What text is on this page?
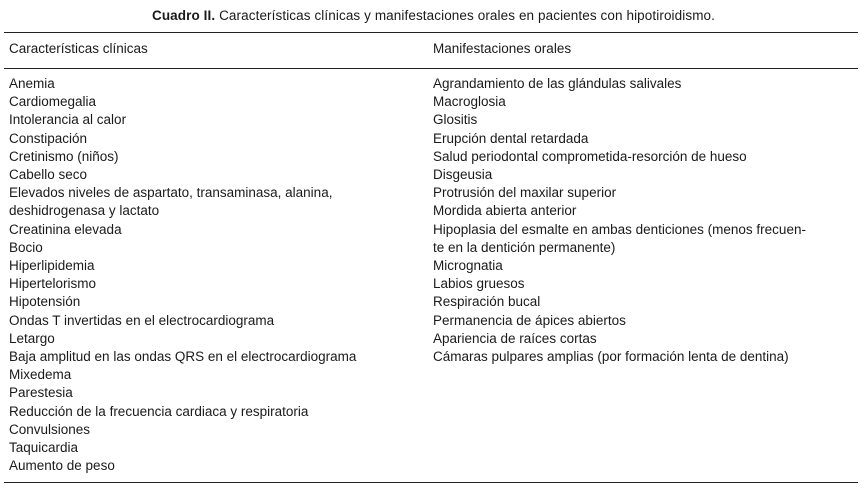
Cuadro II. Características clínicas y manifestaciones orales en pacientes con hipotiroidismo.
Características clínicas	Manifestaciones orales
Anemia
Cardiomegalia
Intolerancia al calor
Constipación
Cretinismo (niños)
Cabello seco
Elevados niveles de aspartato, transaminasa, alanina,
deshidrogenasa y lactato
Creatinina elevada
Bocio
Hiperlipidemia
Hipertelorismo
Hipotensión
Ondas T invertidas en el electrocardiograma
Letargo
Baja amplitud en las ondas QRS en el electrocardiograma
Mixedema
Parestesia
Reducción de la frecuencia cardiaca y respiratoria
Convulsiones
Taquicardia
Aumento de peso
Agrandamiento de las glándulas salivales
Macroglosia
Glositis
Erupción dental retardada
Salud periodontal comprometida-resorción de hueso
Disgeusia
Protrusión del maxilar superior
Mordida abierta anterior
Hipoplasia del esmalte en ambas denticiones (menos frecuen-
te en la dentición permanente)
Micrognatia
Labios gruesos
Respiración bucal
Permanencia de ápices abiertos
Apariencia de raíces cortas
Cámaras pulpares amplias (por formación lenta de dentina)
